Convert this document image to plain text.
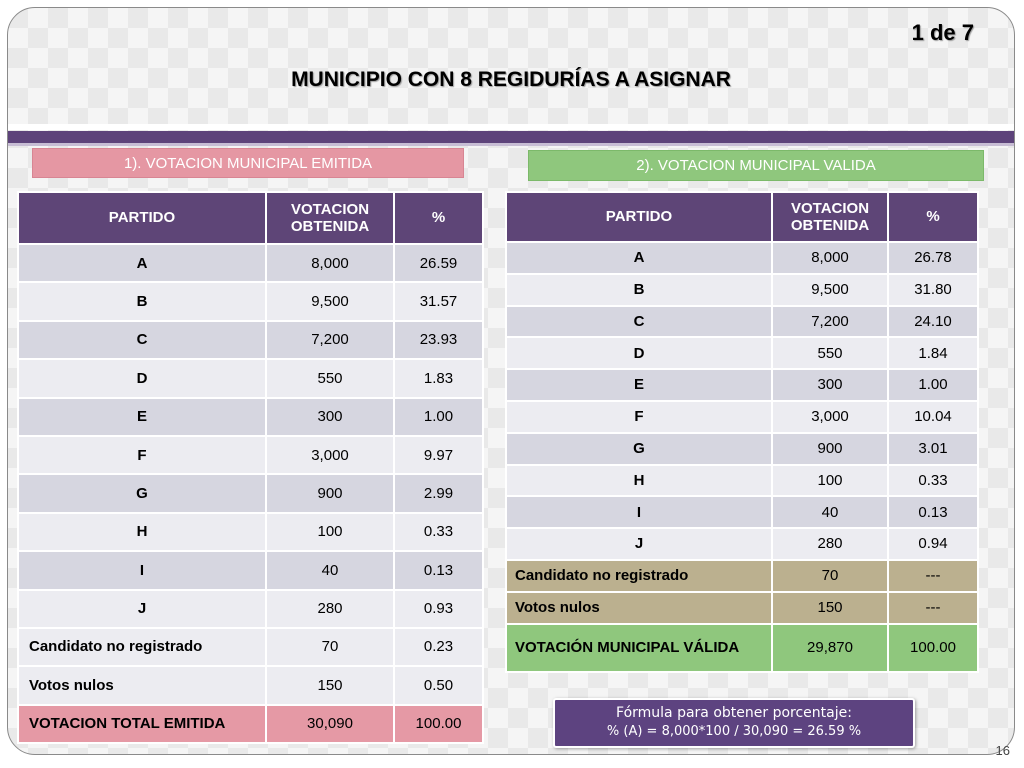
1 de 7
MUNICIPIO CON 8 REGIDURÍAS A ASIGNAR
1). VOTACION MUNICIPAL EMITIDA	2). VOTACION MUNICIPAL VALIDA
PARTIDO	VOTACION OBTENIDA	%
A	8,000	26.59
B	9,500	31.57
C	7,200	23.93
D	550	1.83
E	300	1.00
F	3,000	9.97
G	900	2.99
H	100	0.33
I	40	0.13
J	280	0.93
Candidato no registrado	70	0.23
Votos nulos	150	0.50
VOTACION TOTAL EMITIDA	30,090	100.00
PARTIDO	VOTACION OBTENIDA	%
A	8,000	26.78
B	9,500	31.80
C	7,200	24.10
D	550	1.84
E	300	1.00
F	3,000	10.04
G	900	3.01
H	100	0.33
I	40	0.13
J	280	0.94
Candidato no registrado	70	---
Votos nulos	150	---
VOTACIÓN MUNICIPAL VÁLIDA	29,870	100.00
Fórmula para obtener porcentaje:
% (A) = 8,000*100 / 30,090 = 26.59 %
16
